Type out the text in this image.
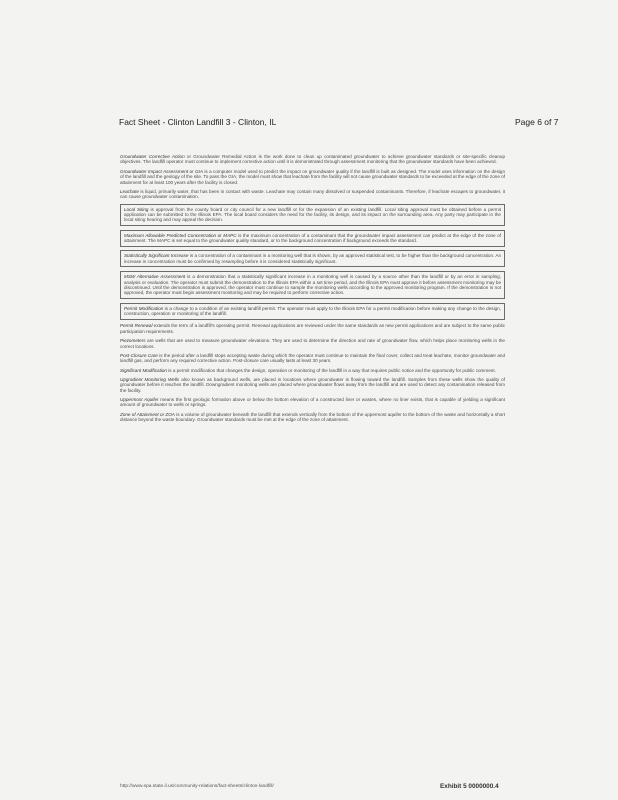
Fact Sheet - Clinton Landfill 3 - Clinton, IL	Page 6 of 7

Groundwater Corrective Action or Groundwater Remedial Action is the work done to clean up contaminated groundwater to achieve groundwater standards or site-specific cleanup objectives. The landfill operator must continue to implement corrective action until it is demonstrated through assessment monitoring that the groundwater standards have been achieved.

Groundwater Impact Assessment or GIA is a computer model used to predict the impact on groundwater quality if the landfill is built as designed. The model uses information on the design of the landfill and the geology of the site. To pass the GIA, the model must show that leachate from the facility will not cause groundwater standards to be exceeded at the edge of the zone of attainment for at least 100 years after the facility is closed.

Leachate is liquid, primarily water, that has been in contact with waste. Leachate may contain many dissolved or suspended contaminants. Therefore, if leachate escapes to groundwater, it can cause groundwater contamination.

Local Siting is approval from the county board or city council for a new landfill or for the expansion of an existing landfill. Local siting approval must be obtained before a permit application can be submitted to the Illinois EPA. The local board considers the need for the facility, its design, and its impact on the surrounding area. Any party may participate in the local siting hearing and may appeal the decision.

Maximum Allowable Predicted Concentration or MAPC is the maximum concentration of a contaminant that the groundwater impact assessment can predict at the edge of the zone of attainment. The MAPC is set equal to the groundwater quality standard, or to the background concentration if background exceeds the standard.

Statistically Significant Increase is a concentration of a contaminant in a monitoring well that is shown, by an approved statistical test, to be higher than the background concentration. An increase in concentration must be confirmed by resampling before it is considered statistically significant.

MSW Alternative Assessment is a demonstration that a statistically significant increase in a monitoring well is caused by a source other than the landfill or by an error in sampling, analysis or evaluation. The operator must submit the demonstration to the Illinois EPA within a set time period, and the Illinois EPA must approve it before assessment monitoring may be discontinued. Until the demonstration is approved, the operator must continue to sample the monitoring wells according to the approved monitoring program. If the demonstration is not approved, the operator must begin assessment monitoring and may be required to perform corrective action.

Permit Modification is a change to a condition of an existing landfill permit. The operator must apply to the Illinois EPA for a permit modification before making any change to the design, construction, operation or monitoring of the landfill.

Permit Renewal extends the term of a landfill's operating permit. Renewal applications are reviewed under the same standards as new permit applications and are subject to the same public participation requirements.

Piezometers are wells that are used to measure groundwater elevations. They are used to determine the direction and rate of groundwater flow, which helps place monitoring wells in the correct locations.

Post-Closure Care is the period after a landfill stops accepting waste during which the operator must continue to maintain the final cover, collect and treat leachate, monitor groundwater and landfill gas, and perform any required corrective action. Post-closure care usually lasts at least 30 years.

Significant Modification is a permit modification that changes the design, operation or monitoring of the landfill in a way that requires public notice and the opportunity for public comment.

Upgradient Monitoring Wells also known as background wells, are placed in locations where groundwater is flowing toward the landfill. Samples from these wells show the quality of groundwater before it reaches the landfill. Downgradient monitoring wells are placed where groundwater flows away from the landfill and are used to detect any contamination released from the facility.

Uppermost Aquifer means the first geologic formation above or below the bottom elevation of a constructed liner or wastes, where no liner exists, that is capable of yielding a significant amount of groundwater to wells or springs.

Zone of Attainment or ZOA is a volume of groundwater beneath the landfill that extends vertically from the bottom of the uppermost aquifer to the bottom of the waste and horizontally a short distance beyond the waste boundary. Groundwater standards must be met at the edge of the zone of attainment.

http://www.epa.state.il.us/community-relations/fact-sheets/clinton-landfill/	Exhibit 5 0000000.4
